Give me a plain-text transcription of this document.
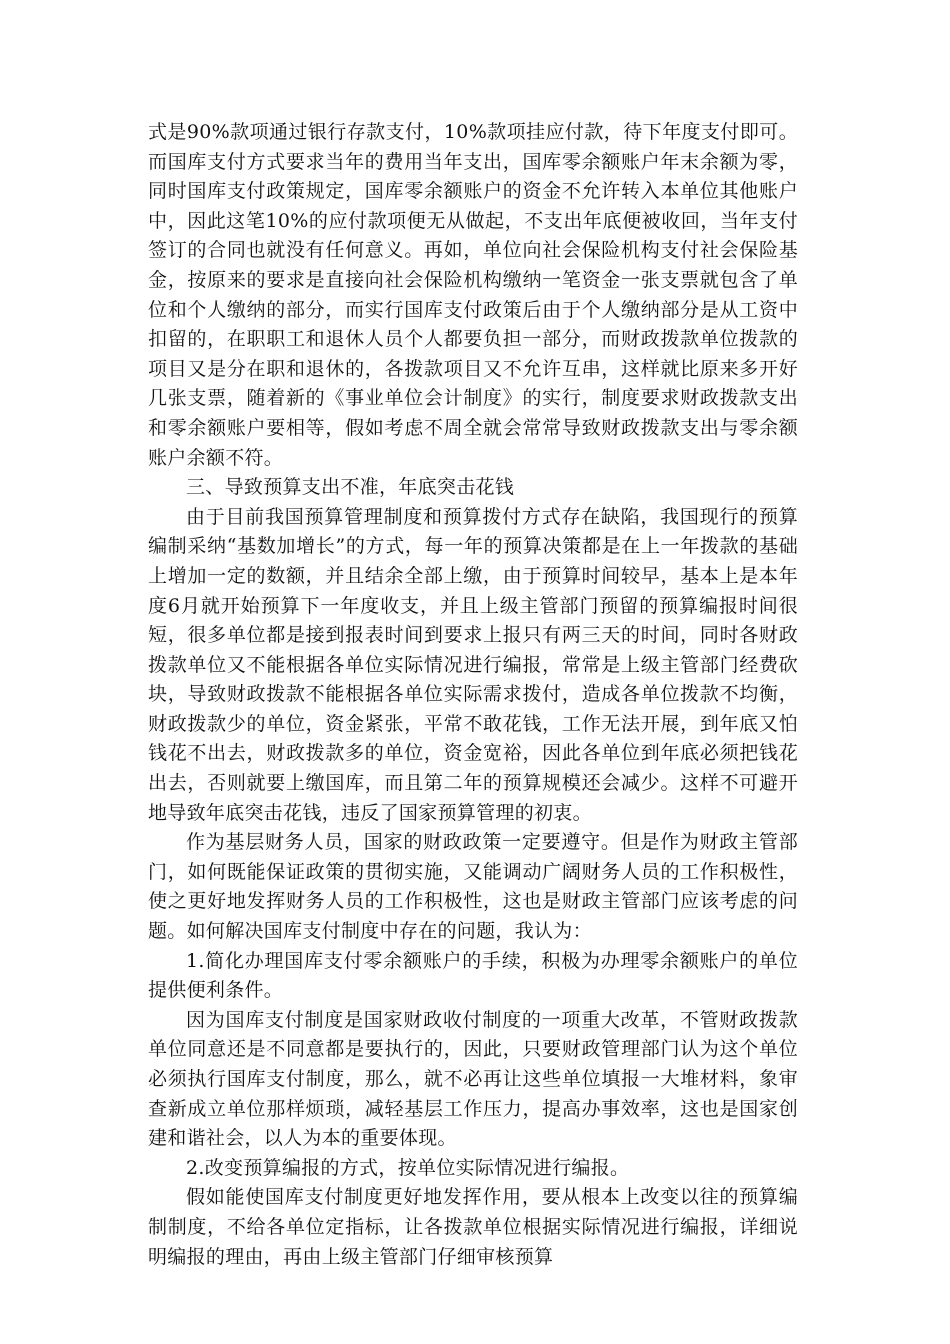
式是90%款项通过银行存款支付，10%款项挂应付款，待下年度支付即可。而国库支付方式要求当年的费用当年支出，国库零余额账户年末余额为零，同时国库支付政策规定，国库零余额账户的资金不允许转入本单位其他账户中，因此这笔10%的应付款项便无从做起，不支出年底便被收回，当年支付签订的合同也就没有任何意义。再如，单位向社会保险机构支付社会保险基金，按原来的要求是直接向社会保险机构缴纳一笔资金一张支票就包含了单位和个人缴纳的部分，而实行国库支付政策后由于个人缴纳部分是从工资中扣留的，在职职工和退休人员个人都要负担一部分，而财政拨款单位拨款的项目又是分在职和退休的，各拨款项目又不允许互串，这样就比原来多开好几张支票，随着新的《事业单位会计制度》的实行，制度要求财政拨款支出和零余额账户要相等，假如考虑不周全就会常常导致财政拨款支出与零余额账户余额不符。

三、导致预算支出不准，年底突击花钱

由于目前我国预算管理制度和预算拨付方式存在缺陷，我国现行的预算编制采纳“基数加增长”的方式，每一年的预算决策都是在上一年拨款的基础上增加一定的数额，并且结余全部上缴，由于预算时间较早，基本上是本年度6月就开始预算下一年度收支，并且上级主管部门预留的预算编报时间很短，很多单位都是接到报表时间到要求上报只有两三天的时间，同时各财政拨款单位又不能根据各单位实际情况进行编报，常常是上级主管部门经费砍块，导致财政拨款不能根据各单位实际需求拨付，造成各单位拨款不均衡，财政拨款少的单位，资金紧张，平常不敢花钱，工作无法开展，到年底又怕钱花不出去，财政拨款多的单位，资金宽裕，因此各单位到年底必须把钱花出去，否则就要上缴国库，而且第二年的预算规模还会减少。这样不可避开地导致年底突击花钱，违反了国家预算管理的初衷。

作为基层财务人员，国家的财政政策一定要遵守。但是作为财政主管部门，如何既能保证政策的贯彻实施，又能调动广阔财务人员的工作积极性，使之更好地发挥财务人员的工作积极性，这也是财政主管部门应该考虑的问题。如何解决国库支付制度中存在的问题，我认为：

1.简化办理国库支付零余额账户的手续，积极为办理零余额账户的单位提供便利条件。

因为国库支付制度是国家财政收付制度的一项重大改革，不管财政拨款单位同意还是不同意都是要执行的，因此，只要财政管理部门认为这个单位必须执行国库支付制度，那么，就不必再让这些单位填报一大堆材料，象审查新成立单位那样烦琐，减轻基层工作压力，提高办事效率，这也是国家创建和谐社会，以人为本的重要体现。

2.改变预算编报的方式，按单位实际情况进行编报。

假如能使国库支付制度更好地发挥作用，要从根本上改变以往的预算编制制度，不给各单位定指标，让各拨款单位根据实际情况进行编报，详细说明编报的理由，再由上级主管部门仔细审核预算
